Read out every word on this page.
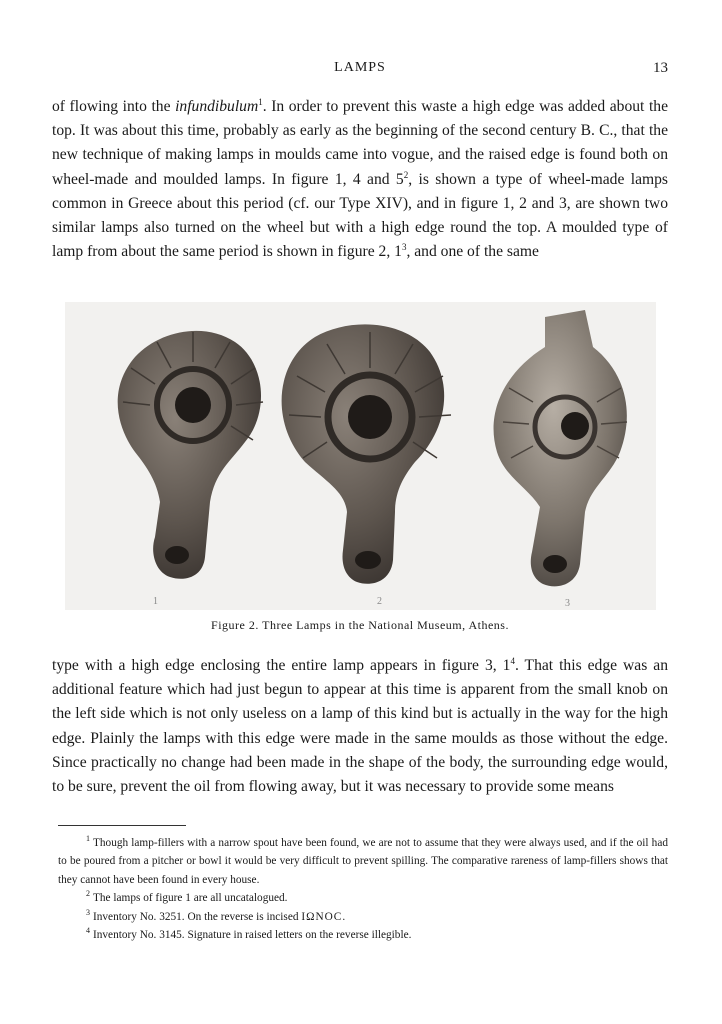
LAMPS	13

of flowing into the infundibulum$^1$. In order to prevent this waste a high edge was added about the top. It was about this time, probably as early as the beginning of the second century B. C., that the new technique of making lamps in moulds came into vogue, and the raised edge is found both on wheel-made and moulded lamps. In figure 1, 4 and $5^2$, is shown a type of wheel-made lamps common in Greece about this period (cf. our Type XIV), and in figure 1, 2 and 3, are shown two similar lamps also turned on the wheel but with a high edge round the top. A moulded type of lamp from about the same period is shown in figure 2, $1^3$, and one of the same

1	2	3
Figure 2. Three Lamps in the National Museum, Athens.

type with a high edge enclosing the entire lamp appears in figure 3, $1^4$. That this edge was an additional feature which had just begun to appear at this time is apparent from the small knob on the left side which is not only useless on a lamp of this kind but is actually in the way for the high edge. Plainly the lamps with this edge were made in the same moulds as those without the edge. Since practically no change had been made in the shape of the body, the surrounding edge would, to be sure, prevent the oil from flowing away, but it was necessary to provide some means

$^1$ Though lamp-fillers with a narrow spout have been found, we are not to assume that they were always used, and if the oil had to be poured from a pitcher or bowl it would be very difficult to prevent spilling. The comparative rareness of lamp-fillers shows that they cannot have been found in every house.

$^2$ The lamps of figure 1 are all uncatalogued.

$^3$ Inventory No. 3251. On the reverse is incised IΩNOC.

$^4$ Inventory No. 3145. Signature in raised letters on the reverse illegible.
